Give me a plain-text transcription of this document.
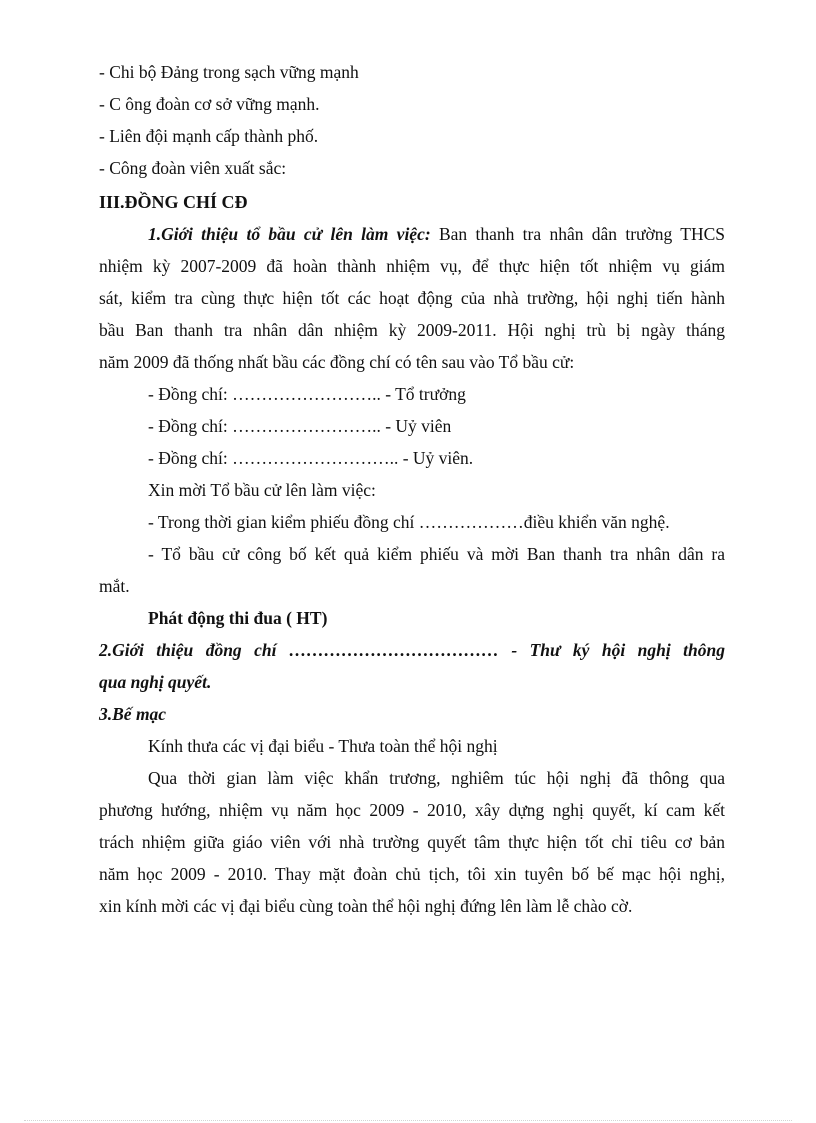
- Chi bộ Đảng trong sạch vững mạnh
- C ông đoàn cơ sở vững mạnh.
- Liên đội mạnh cấp thành phố.
- Công đoàn viên xuất sắc:
III.ĐỒNG CHÍ CĐ
1.Giới thiệu tổ bầu cử lên làm việc: Ban thanh tra nhân dân trường THCS
nhiệm kỳ 2007-2009 đã hoàn thành nhiệm vụ, để thực hiện tốt nhiệm vụ giám
sát, kiểm tra cùng thực hiện tốt các hoạt động của nhà trường, hội nghị tiến hành
bầu Ban thanh tra nhân dân nhiệm kỳ 2009-2011. Hội nghị trù bị ngày tháng
năm 2009 đã thống nhất bầu các đồng chí có tên sau vào Tổ bầu cử:
- Đồng chí: …………………….. - Tổ trưởng
- Đồng chí: …………………….. - Uỷ viên
- Đồng chí: ……………………….. - Uỷ viên.
Xin mời Tổ bầu cử lên làm việc:
- Trong thời gian kiểm phiếu đồng chí ………………điều khiển văn nghệ.
- Tổ bầu cử công bố kết quả kiểm phiếu và mời Ban thanh tra nhân dân ra
mắt.
Phát động thi đua ( HT)
2.Giới thiệu đồng chí ……………………………… - Thư ký hội nghị thông
qua nghị quyết.
3.Bế mạc
Kính thưa các vị đại biểu - Thưa toàn thể hội nghị
Qua thời gian làm việc khẩn trương, nghiêm túc hội nghị đã thông qua
phương hướng, nhiệm vụ năm học 2009 - 2010, xây dựng nghị quyết, kí cam kết
trách nhiệm giữa giáo viên với nhà trường quyết tâm thực hiện tốt chỉ tiêu cơ bản
năm học 2009 - 2010. Thay mặt đoàn chủ tịch, tôi xin tuyên bố bế mạc hội nghị,
xin kính mời các vị đại biểu cùng toàn thể hội nghị đứng lên làm lễ chào cờ.
